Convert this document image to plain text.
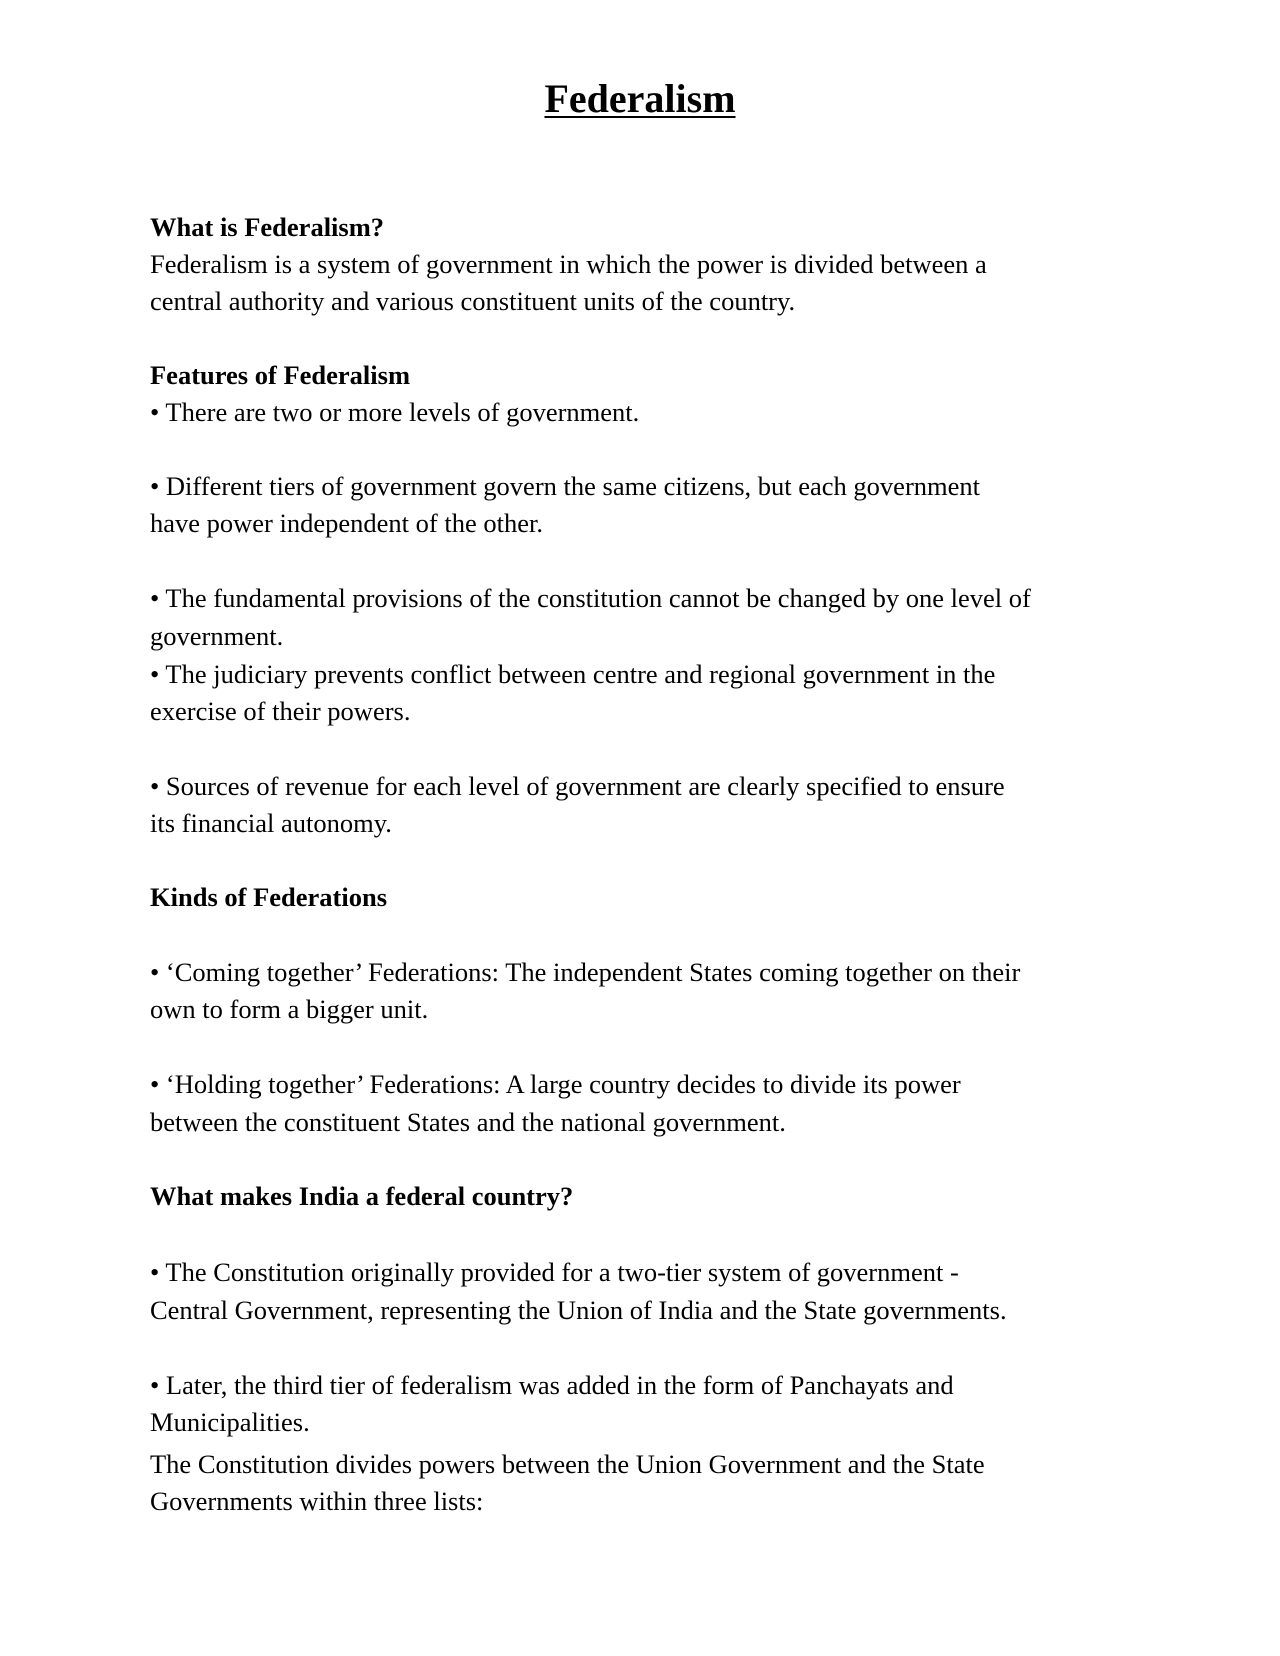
Federalism

What is Federalism?

Federalism is a system of government in which the power is divided between a

central authority and various constituent units of the country.

Features of Federalism

• There are two or more levels of government.

• Different tiers of government govern the same citizens, but each government

have power independent of the other.

• The fundamental provisions of the constitution cannot be changed by one level of

government.

• The judiciary prevents conflict between centre and regional government in the

exercise of their powers.

• Sources of revenue for each level of government are clearly specified to ensure

its financial autonomy.

Kinds of Federations

• ‘Coming together’ Federations: The independent States coming together on their

own to form a bigger unit.

• ‘Holding together’ Federations: A large country decides to divide its power

between the constituent States and the national government.

What makes India a federal country?

• The Constitution originally provided for a two-tier system of government -

Central Government, representing the Union of India and the State governments.

• Later, the third tier of federalism was added in the form of Panchayats and

Municipalities.

The Constitution divides powers between the Union Government and the State

Governments within three lists:
